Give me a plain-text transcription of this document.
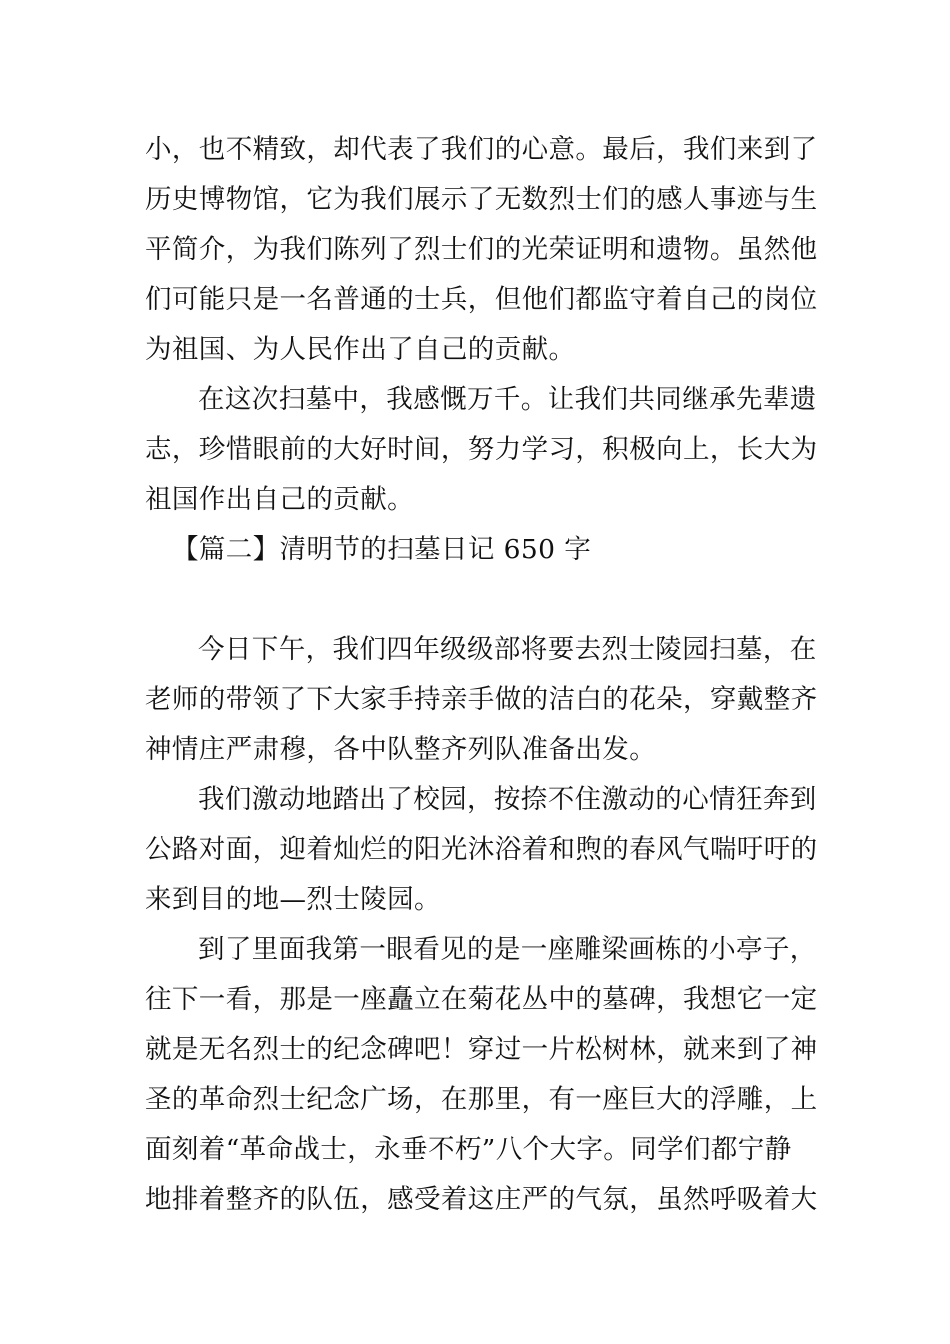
小，也不精致，却代表了我们的心意。最后，我们来到了
历史博物馆，它为我们展示了无数烈士们的感人事迹与生
平简介，为我们陈列了烈士们的光荣证明和遗物。虽然他
们可能只是一名普通的士兵，但他们都监守着自己的岗位
为祖国、为人民作出了自己的贡献。
在这次扫墓中，我感慨万千。让我们共同继承先辈遗
志，珍惜眼前的大好时间，努力学习，积极向上，长大为
祖国作出自己的贡献。
【篇二】清明节的扫墓日记 650 字
今日下午，我们四年级级部将要去烈士陵园扫墓，在
老师的带领了下大家手持亲手做的洁白的花朵，穿戴整齐
神情庄严肃穆，各中队整齐列队准备出发。
我们激动地踏出了校园，按捺不住激动的心情狂奔到
公路对面，迎着灿烂的阳光沐浴着和煦的春风气喘吁吁的
来到目的地—烈士陵园。
到了里面我第一眼看见的是一座雕梁画栋的小亭子，
往下一看，那是一座矗立在菊花丛中的墓碑，我想它一定
就是无名烈士的纪念碑吧！穿过一片松树林，就来到了神
圣的革命烈士纪念广场，在那里，有一座巨大的浮雕，上
面刻着“革命战士，永垂不朽”八个大字。同学们都宁静
地排着整齐的队伍，感受着这庄严的气氛，虽然呼吸着大
